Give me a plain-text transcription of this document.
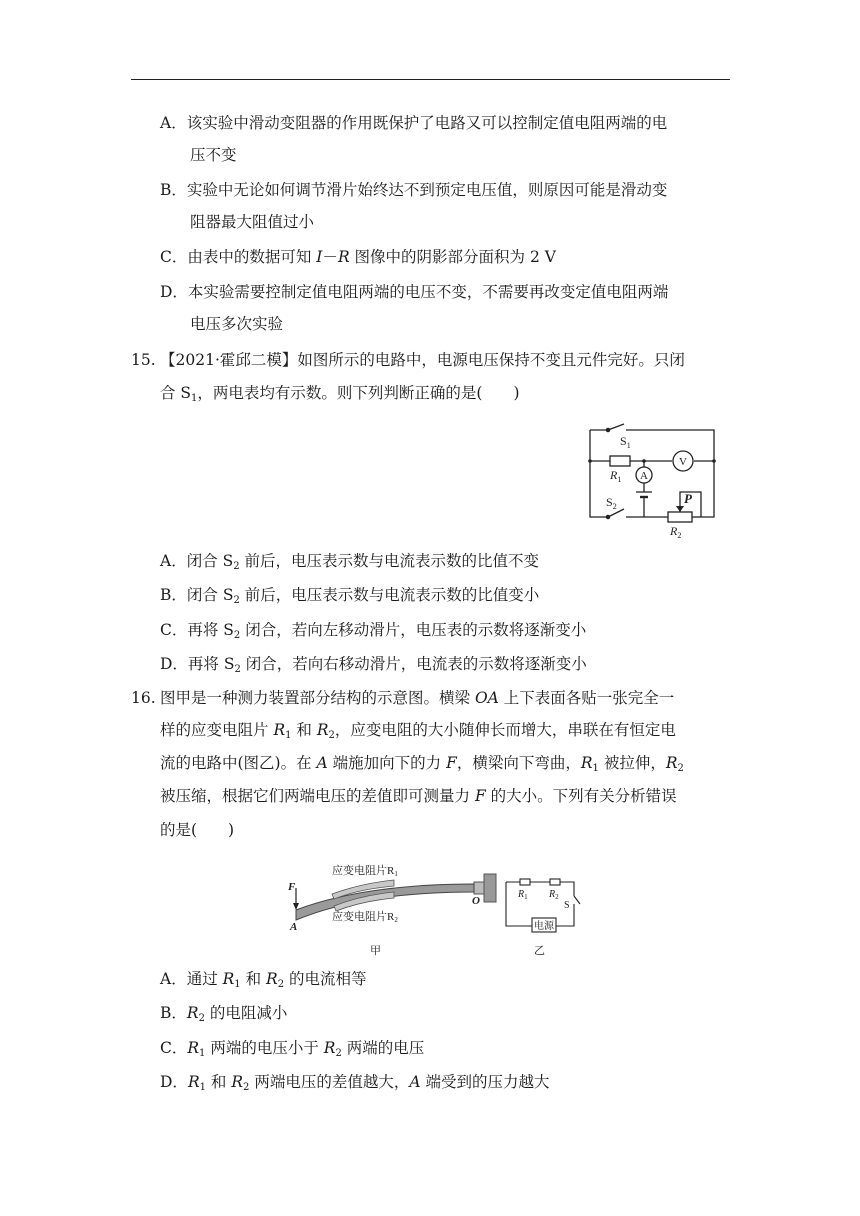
A．该实验中滑动变阻器的作用既保护了电路又可以控制定值电阻两端的电
压不变
B．实验中无论如何调节滑片始终达不到预定电压值，则原因可能是滑动变
阻器最大阻值过小
C．由表中的数据可知 I－R 图像中的阴影部分面积为 2 V
D．本实验需要控制定值电阻两端的电压不变，不需要再改变定值电阻两端
电压多次实验
15. 【2021·霍邱二模】如图所示的电路中，电源电压保持不变且元件完好。只闭
合 $S_1$，两电表均有示数。则下列判断正确的是(　　)
$S_1$
$R_1$ A
V
$S_2$
P
$R_2$
A．闭合 $S_2$ 前后，电压表示数与电流表示数的比值不变
B．闭合 $S_2$ 前后，电压表示数与电流表示数的比值变小
C．再将 $S_2$ 闭合，若向左移动滑片，电压表的示数将逐渐变小
D．再将 $S_2$ 闭合，若向右移动滑片，电流表的示数将逐渐变小
16. 图甲是一种测力装置部分结构的示意图。横梁 OA 上下表面各贴一张完全一
样的应变电阻片 $R_1$ 和 $R_2$，应变电阻的大小随伸长而增大，串联在有恒定电
流的电路中(图乙)。在 A 端施加向下的力 F，横梁向下弯曲，$R_1$ 被拉伸，$R_2$
被压缩，根据它们两端电压的差值即可测量力 F 的大小。下列有关分析错误
的是(　　)
F
A
O
应变电阻片R1
应变电阻片R2
甲
$R_1$ $R_2$
S
电源
乙
A．通过 $R_1$ 和 $R_2$ 的电流相等
B．$R_2$ 的电阻减小
C．$R_1$ 两端的电压小于 $R_2$ 两端的电压
D．$R_1$ 和 $R_2$ 两端电压的差值越大，A 端受到的压力越大
